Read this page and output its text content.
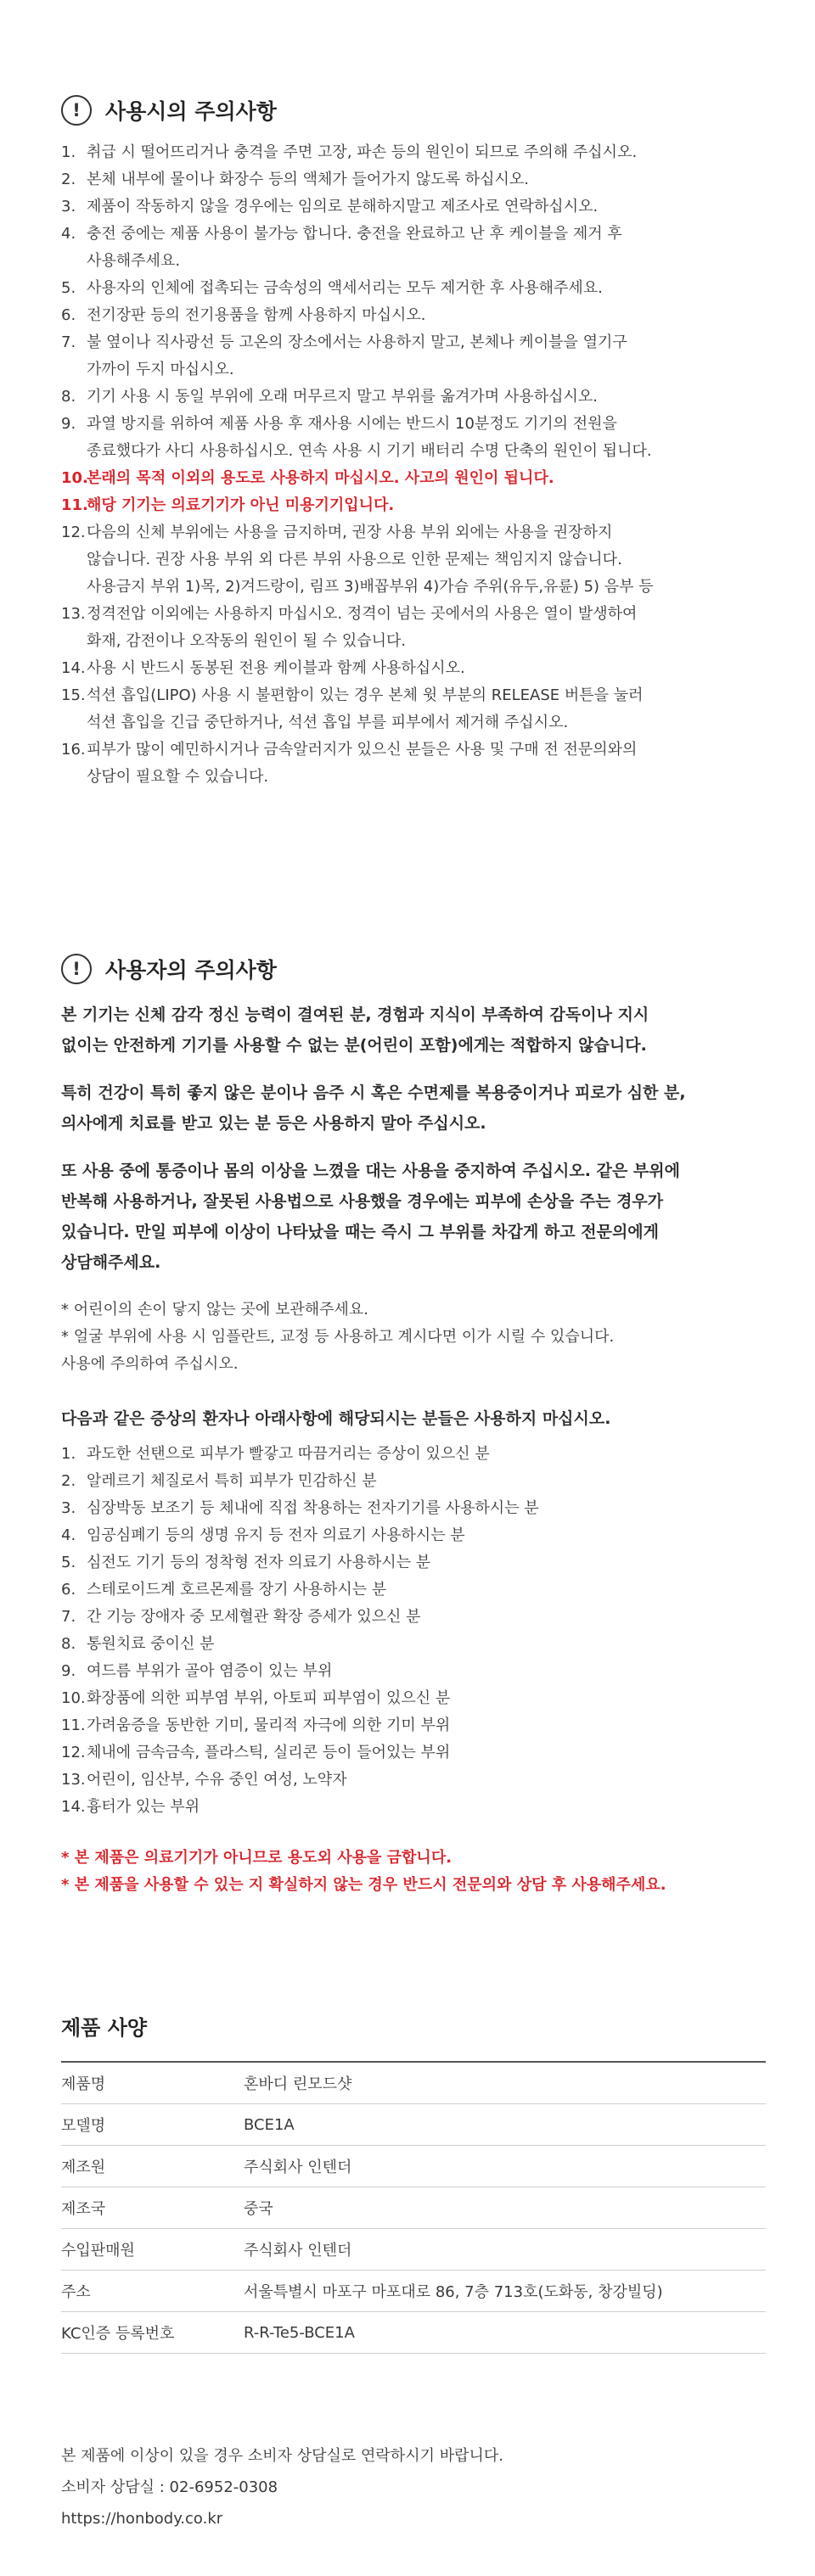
!	사용시의 주의사항
1. 취급 시 떨어뜨리거나 충격을 주면 고장, 파손 등의 원인이 되므로 주의해 주십시오.
2. 본체 내부에 물이나 화장수 등의 액체가 들어가지 않도록 하십시오.
3. 제품이 작동하지 않을 경우에는 임의로 분해하지말고 제조사로 연락하십시오.
4. 충전 중에는 제품 사용이 불가능 합니다. 충전을 완료하고 난 후 케이블을 제거 후
사용해주세요.
5. 사용자의 인체에 접촉되는 금속성의 액세서리는 모두 제거한 후 사용해주세요.
6. 전기장판 등의 전기용품을 함께 사용하지 마십시오.
7. 불 옆이나 직사광선 등 고온의 장소에서는 사용하지 말고, 본체나 케이블을 열기구
가까이 두지 마십시오.
8. 기기 사용 시 동일 부위에 오래 머무르지 말고 부위를 옮겨가며 사용하십시오.
9. 과열 방지를 위하여 제품 사용 후 재사용 시에는 반드시 10분정도 기기의 전원을
종료했다가 사디 사용하십시오. 연속 사용 시 기기 배터리 수명 단축의 원인이 됩니다.
10.
본래의 목적 이외의 용도로 사용하지 마십시오. 사고의 원인이 됩니다.
11.
해당 기기는 의료기기가 아닌 미용기기입니다.
12. 다음의 신체 부위에는 사용을 금지하며, 권장 사용 부위 외에는 사용을 권장하지
않습니다. 권장 사용 부위 외 다른 부위 사용으로 인한 문제는 책임지지 않습니다.
사용금지 부위 1)목, 2)겨드랑이, 림프 3)배꼽부위 4)가슴 주위(유두,유륜) 5) 음부 등
13. 정격전압 이외에는 사용하지 마십시오. 정격이 넘는 곳에서의 사용은 열이 발생하여
화재, 감전이나 오작동의 원인이 될 수 있습니다.
14. 사용 시 반드시 동봉된 전용 케이블과 함께 사용하십시오.
15. 석션 흡입(LIPO) 사용 시 불편함이 있는 경우 본체 윗 부분의 RELEASE 버튼을 눌러
석션 흡입을 긴급 중단하거나, 석션 흡입 부를 피부에서 제거해 주십시오.
16. 피부가 많이 예민하시거나 금속알러지가 있으신 분들은 사용 및 구매 전 전문의와의
상담이 필요할 수 있습니다.
!	사용자의 주의사항

본 기기는 신체 감각 정신 능력이 결여된 분, 경험과 지식이 부족하여 감독이나 지시
없이는 안전하게 기기를 사용할 수 없는 분(어린이 포함)에게는 적합하지 않습니다.

특히 건강이 특히 좋지 않은 분이나 음주 시 혹은 수면제를 복용중이거나 피로가 심한 분,
의사에게 치료를 받고 있는 분 등은 사용하지 말아 주십시오.

또 사용 중에 통증이나 몸의 이상을 느꼈을 대는 사용을 중지하여 주십시오. 같은 부위에
반복해 사용하거나, 잘못된 사용법으로 사용했을 경우에는 피부에 손상을 주는 경우가
있습니다. 만일 피부에 이상이 나타났을 때는 즉시 그 부위를 차갑게 하고 전문의에게
상담해주세요.

* 어린이의 손이 닿지 않는 곳에 보관해주세요.
* 얼굴 부위에 사용 시 임플란트, 교정 등 사용하고 계시다면 이가 시릴 수 있습니다.
사용에 주의하여 주십시오.
다음과 같은 증상의 환자나 아래사항에 해당되시는 분들은 사용하지 마십시오.
1. 과도한 선탠으로 피부가 빨갛고 따끔거리는 증상이 있으신 분
2. 알레르기 체질로서 특히 피부가 민감하신 분
3. 심장박동 보조기 등 체내에 직접 착용하는 전자기기를 사용하시는 분
4. 임공심폐기 등의 생명 유지 등 전자 의료기 사용하시는 분
5. 심전도 기기 등의 정착형 전자 의료기 사용하시는 분
6. 스테로이드계 호르몬제를 장기 사용하시는 분
7. 간 기능 장애자 중 모세혈관 확장 증세가 있으신 분
8. 통원치료 중이신 분
9. 여드름 부위가 골아 염증이 있는 부위
10. 화장품에 의한 피부염 부위, 아토피 피부염이 있으신 분
11. 가려움증을 동반한 기미, 물리적 자극에 의한 기미 부위
12. 체내에 금속금속, 플라스틱, 실리콘 등이 들어있는 부위
13. 어린이, 임산부, 수유 중인 여성, 노약자
14. 흉터가 있는 부위
* 본 제품은 의료기기가 아니므로 용도외 사용을 금합니다.
* 본 제품을 사용할 수 있는 지 확실하지 않는 경우 반드시 전문의와 상담 후 사용해주세요.
제품 사양
제품명	혼바디 린모드샷
모델명	BCE1A
제조원	주식회사 인텐더
제조국	중국
수입판매원	주식회사 인텐더
주소	서울특별시 마포구 마포대로 86, 7층 713호(도화동, 창강빌딩)
KC인증 등록번호	R-R-Te5-BCE1A
본 제품에 이상이 있을 경우 소비자 상담실로 연락하시기 바랍니다.
소비자 상담실 : 02-6952-0308
https://honbody.co.kr
